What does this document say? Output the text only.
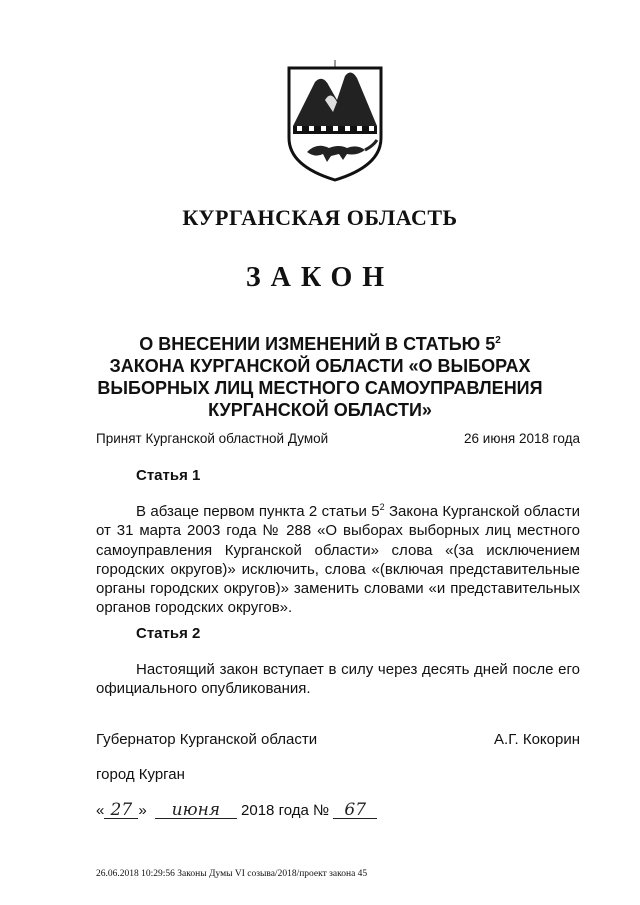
КУРГАНСКАЯ ОБЛАСТЬ
ЗАКОН
О ВНЕСЕНИИ ИЗМЕНЕНИЙ В СТАТЬЮ $5^2$
ЗАКОНА КУРГАНСКОЙ ОБЛАСТИ «О ВЫБОРАХ
ВЫБОРНЫХ ЛИЦ МЕСТНОГО САМОУПРАВЛЕНИЯ
КУРГАНСКОЙ ОБЛАСТИ»
Принят Курганской областной Думой	26 июня 2018 года
Статья 1
В абзаце первом пункта 2 статьи $5^2$ Закона Курганской области
от 31 марта 2003 года № 288 «О выборах выборных лиц местного
самоуправления Курганской области» слова «(за исключением
городских округов)» исключить, слова «(включая представительные
органы городских округов)» заменить словами «и представительных
органов городских округов».
Статья 2
Настоящий закон вступает в силу через десять дней после его
официального опубликования.
Губернатор Курганской области	А.Г. Кокорин
город Курган
« 27 » июня 2018 года № 67
26.06.2018 10:29:56 Законы Думы VI созыва/2018/проект закона 45
